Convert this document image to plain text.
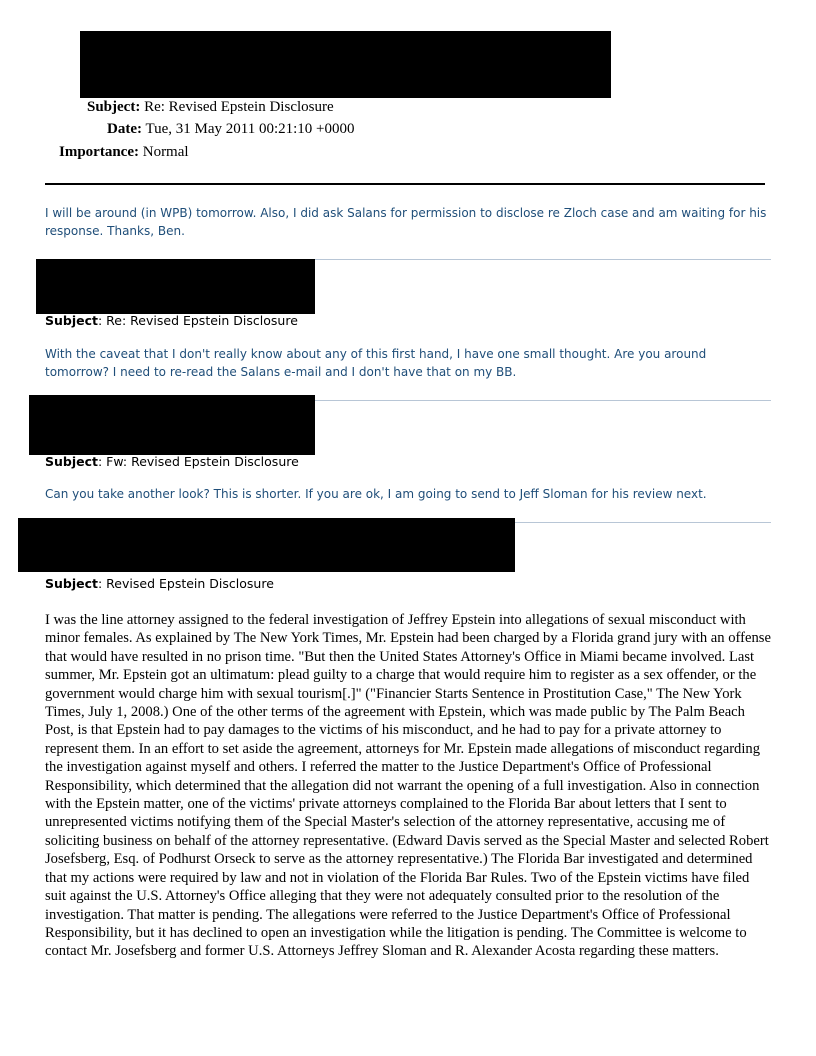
Subject: Re: Revised Epstein Disclosure
Date: Tue, 31 May 2011 00:21:10 +0000
Importance: Normal
I will be around (in WPB) tomorrow. Also, I did ask Salans for permission to disclose re Zloch case and am waiting for his response. Thanks, Ben.
Subject: Re: Revised Epstein Disclosure
With the caveat that I don't really know about any of this first hand, I have one small thought. Are you around tomorrow? I need to re-read the Salans e-mail and I don't have that on my BB.
Subject: Fw: Revised Epstein Disclosure
Can you take another look? This is shorter. If you are ok, I am going to send to Jeff Sloman for his review next.
Subject: Revised Epstein Disclosure
I was the line attorney assigned to the federal investigation of Jeffrey Epstein into allegations of sexual misconduct with minor females. As explained by The New York Times, Mr. Epstein had been charged by a Florida grand jury with an offense that would have resulted in no prison time. "But then the United States Attorney's Office in Miami became involved. Last summer, Mr. Epstein got an ultimatum: plead guilty to a charge that would require him to register as a sex offender, or the government would charge him with sexual tourism[.]" ("Financier Starts Sentence in Prostitution Case," The New York Times, July 1, 2008.) One of the other terms of the agreement with Epstein, which was made public by The Palm Beach Post, is that Epstein had to pay damages to the victims of his misconduct, and he had to pay for a private attorney to represent them. In an effort to set aside the agreement, attorneys for Mr. Epstein made allegations of misconduct regarding the investigation against myself and others. I referred the matter to the Justice Department's Office of Professional Responsibility, which determined that the allegation did not warrant the opening of a full investigation. Also in connection with the Epstein matter, one of the victims' private attorneys complained to the Florida Bar about letters that I sent to unrepresented victims notifying them of the Special Master's selection of the attorney representative, accusing me of soliciting business on behalf of the attorney representative. (Edward Davis served as the Special Master and selected Robert Josefsberg, Esq. of Podhurst Orseck to serve as the attorney representative.) The Florida Bar investigated and determined that my actions were required by law and not in violation of the Florida Bar Rules. Two of the Epstein victims have filed suit against the U.S. Attorney's Office alleging that they were not adequately consulted prior to the resolution of the investigation. That matter is pending. The allegations were referred to the Justice Department's Office of Professional Responsibility, but it has declined to open an investigation while the litigation is pending. The Committee is welcome to contact Mr. Josefsberg and former U.S. Attorneys Jeffrey Sloman and R. Alexander Acosta regarding these matters.
